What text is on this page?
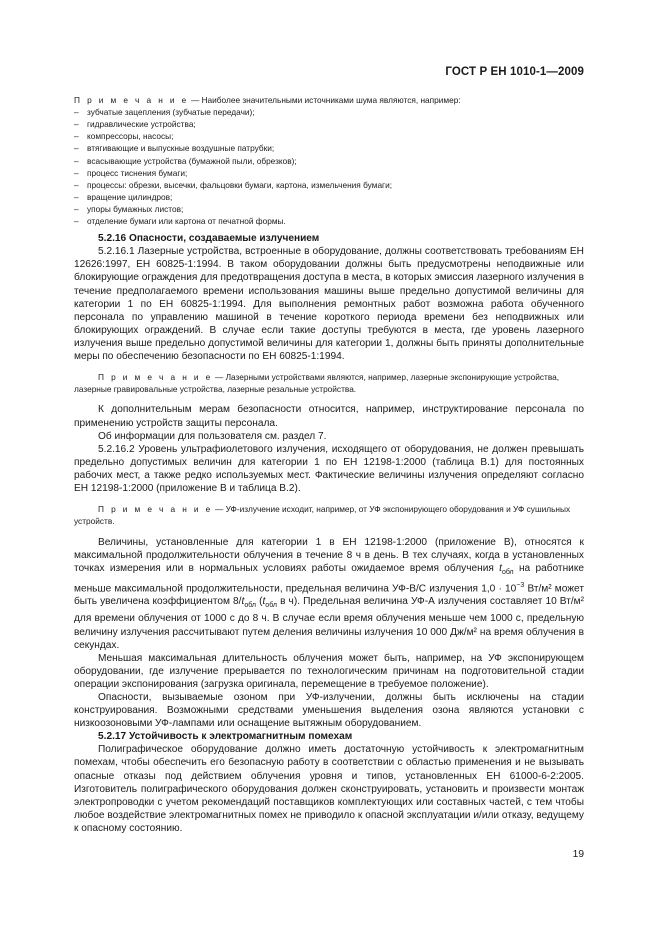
ГОСТ Р ЕН 1010-1—2009

П р и м е ч а н и е — Наиболее значительными источниками шума являются, например:

– зубчатые зацепления (зубчатые передачи);
– гидравлические устройства;
– компрессоры, насосы;
– втягивающие и выпускные воздушные патрубки;
– всасывающие устройства (бумажной пыли, обрезков);
– процесс тиснения бумаги;
– процессы: обрезки, высечки, фальцовки бумаги, картона, измельчения бумаги;
– вращение цилиндров;
– упоры бумажных листов;
– отделение бумаги или картона от печатной формы.

5.2.16 Опасности, создаваемые излучением

5.2.16.1 Лазерные устройства, встроенные в оборудование, должны соответствовать требованиям ЕН 12626:1997, ЕН 60825-1:1994. В таком оборудовании должны быть предусмотрены неподвижные или блокирующие ограждения для предотвращения доступа в места, в которых эмиссия лазерного излучения в течение предполагаемого времени использования машины выше предельно допустимой величины для категории 1 по ЕН 60825-1:1994. Для выполнения ремонтных работ возможна работа обученного персонала по управлению машиной в течение короткого периода времени без неподвижных или блокирующих ограждений. В случае если такие доступы требуются в места, где уровень лазерного излучения выше предельно допустимой величины для категории 1, должны быть приняты дополнительные меры по обеспечению безопасности по ЕН 60825-1:1994.

П р и м е ч а н и е — Лазерными устройствами являются, например, лазерные экспонирующие устройства, лазерные гравировальные устройства, лазерные резальные устройства.

К дополнительным мерам безопасности относится, например, инструктирование персонала по применению устройств защиты персонала.

Об информации для пользователя см. раздел 7.

5.2.16.2 Уровень ультрафиолетового излучения, исходящего от оборудования, не должен превышать предельно допустимых величин для категории 1 по ЕН 12198-1:2000 (таблица В.1) для постоянных рабочих мест, а также редко используемых мест. Фактические величины излучения определяют согласно ЕН 12198-1:2000 (приложение В и таблица В.2).

П р и м е ч а н и е — УФ-излучение исходит, например, от УФ экспонирующего оборудования и УФ сушильных устройств.

Величины, установленные для категории 1 в ЕН 12198-1:2000 (приложение В), относятся к максимальной продолжительности облучения в течение 8 ч в день. В тех случаях, когда в установленных точках измерения или в нормальных условиях работы ожидаемое время облучения $t_{обл}$ на работнике меньше максимальной продолжительности, предельная величина УФ-B/C излучения $1,0 \cdot 10^{-3}$ Вт/м² может быть увеличена коэффициентом $8/t_{обл}$ ($t_{обл}$ в ч). Предельная величина УФ-А излучения составляет 10 Вт/м² для времени облучения от 1000 с до 8 ч. В случае если время облучения меньше чем 1000 с, предельную величину излучения рассчитывают путем деления величины излучения 10 000 Дж/м² на время облучения в секундах.

Меньшая максимальная длительность облучения может быть, например, на УФ экспонирующем оборудовании, где излучение прерывается по технологическим причинам на подготовительной стадии операции экспонирования (загрузка оригинала, перемещение в требуемое положение).

Опасности, вызываемые озоном при УФ-излучении, должны быть исключены на стадии конструирования. Возможными средствами уменьшения выделения озона являются установки с низкоозоновыми УФ-лампами или оснащение вытяжным оборудованием.

5.2.17 Устойчивость к электромагнитным помехам

Полиграфическое оборудование должно иметь достаточную устойчивость к электромагнитным помехам, чтобы обеспечить его безопасную работу в соответствии с областью применения и не вызывать опасные отказы под действием облучения уровня и типов, установленных ЕН 61000-6-2:2005. Изготовитель полиграфического оборудования должен сконструировать, установить и произвести монтаж электропроводки с учетом рекомендаций поставщиков комплектующих или составных частей, с тем чтобы любое воздействие электромагнитных помех не приводило к опасной эксплуатации и/или отказу, ведущему к опасному состоянию.

19
